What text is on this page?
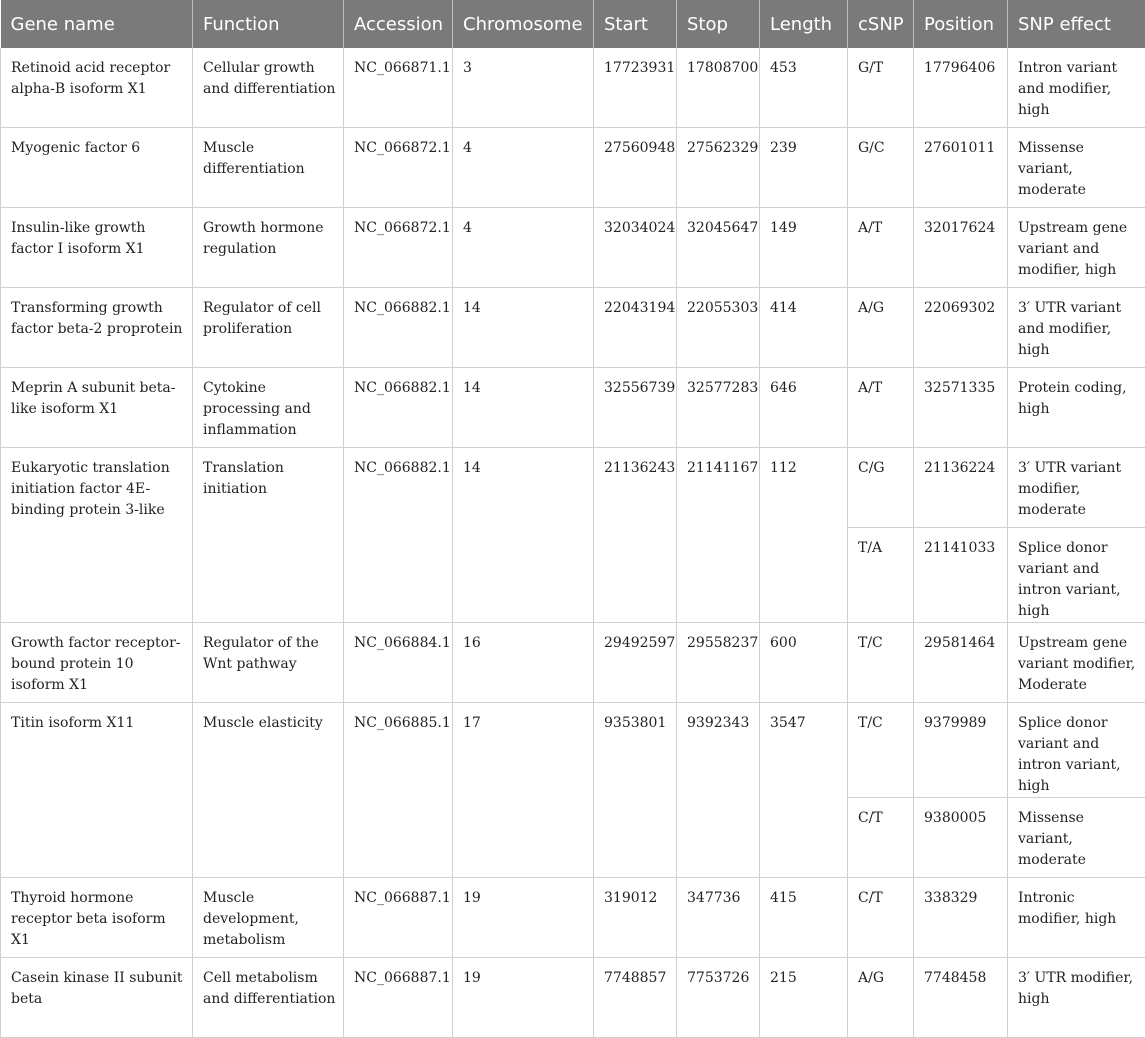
Gene name	Function	Accession	Chromosome	Start	Stop	Length	cSNP	Position	SNP effect
Retinoid acid receptor alpha-B isoform X1	Cellular growth and differentiation	NC_066871.1	3	17723931	17808700	453	G/T	17796406	Intron variant and modifier, high
Myogenic factor 6	Muscle differentiation	NC_066872.1	4	27560948	27562329	239	G/C	27601011	Missense variant, moderate
Insulin-like growth factor I isoform X1	Growth hormone regulation	NC_066872.1	4	32034024	32045647	149	A/T	32017624	Upstream gene variant and modifier, high
Transforming growth factor beta-2 proprotein	Regulator of cell proliferation	NC_066882.1	14	22043194	22055303	414	A/G	22069302	3′ UTR variant and modifier, high
Meprin A subunit beta-like isoform X1	Cytokine processing and inflammation	NC_066882.1	14	32556739	32577283	646	A/T	32571335	Protein coding, high
Eukaryotic translation initiation factor 4E-binding protein 3-like	Translation initiation	NC_066882.1	14	21136243	21141167	112	C/G	21136224	3′ UTR variant modifier, moderate
							T/A	21141033	Splice donor variant and intron variant, high
Growth factor receptor-bound protein 10 isoform X1	Regulator of the Wnt pathway	NC_066884.1	16	29492597	29558237	600	T/C	29581464	Upstream gene variant modifier, Moderate
Titin isoform X11	Muscle elasticity	NC_066885.1	17	9353801	9392343	3547	T/C	9379989	Splice donor variant and intron variant, high
							C/T	9380005	Missense variant, moderate
Thyroid hormone receptor beta isoform X1	Muscle development, metabolism	NC_066887.1	19	319012	347736	415	C/T	338329	Intronic modifier, high
Casein kinase II subunit beta	Cell metabolism and differentiation	NC_066887.1	19	7748857	7753726	215	A/G	7748458	3′ UTR modifier, high
